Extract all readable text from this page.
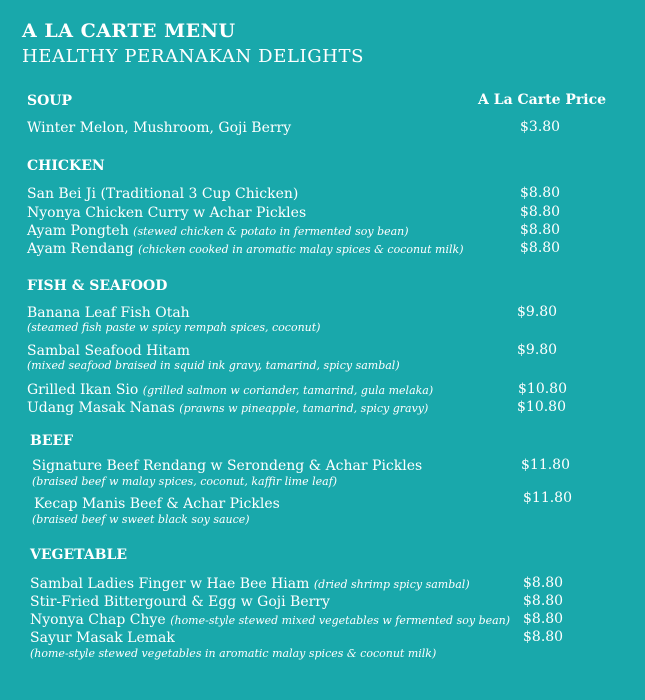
A LA CARTE MENU
HEALTHY PERANAKAN DELIGHTS
A La Carte Price
SOUP
Winter Melon, Mushroom, Goji Berry	$3.80
CHICKEN
San Bei Ji (Traditional 3 Cup Chicken)	$8.80
Nyonya Chicken Curry w Achar Pickles	$8.80
Ayam Pongteh (stewed chicken & potato in fermented soy bean)	$8.80
Ayam Rendang (chicken cooked in aromatic malay spices & coconut milk)	$8.80
FISH & SEAFOOD
Banana Leaf Fish Otah	$9.80
(steamed fish paste w spicy rempah spices, coconut)
Sambal Seafood Hitam	$9.80
(mixed seafood braised in squid ink gravy, tamarind, spicy sambal)
Grilled Ikan Sio (grilled salmon w coriander, tamarind, gula melaka)	$10.80
Udang Masak Nanas (prawns w pineapple, tamarind, spicy gravy)	$10.80
BEEF
Signature Beef Rendang w Serondeng & Achar Pickles	$11.80
(braised beef w malay spices, coconut, kaffir lime leaf)
Kecap Manis Beef & Achar Pickles	$11.80
(braised beef w sweet black soy sauce)
VEGETABLE
Sambal Ladies Finger w Hae Bee Hiam (dried shrimp spicy sambal)	$8.80
Stir-Fried Bittergourd & Egg w Goji Berry	$8.80
Nyonya Chap Chye (home-style stewed mixed vegetables w fermented soy bean) $8.80
Sayur Masak Lemak	$8.80
(home-style stewed vegetables in aromatic malay spices & coconut milk)
